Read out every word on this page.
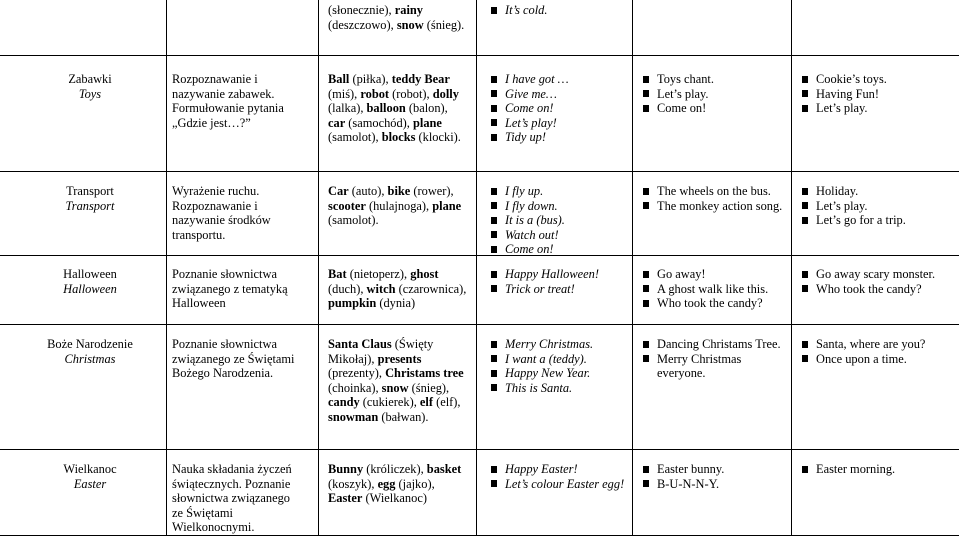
(słonecznie), rainy (deszczowo), snow (śnieg).
It’s cold.
Zabawki
Toys
Rozpoznawanie i nazywanie zabawek. Formułowanie pytania „Gdzie jest…?”
Ball (piłka), teddy Bear (miś), robot (robot), dolly (lalka), balloon (balon), car (samochód), plane (samolot), blocks (klocki).
I have got …
Give me…
Come on!
Let’s play!
Tidy up!
Toys chant.
Let’s play.
Come on!
Cookie’s toys.
Having Fun!
Let’s play.
Transport
Transport
Wyrażenie ruchu. Rozpoznawanie i nazywanie środków transportu.
Car (auto), bike (rower), scooter (hulajnoga), plane (samolot).
I fly up.
I fly down.
It is a (bus).
Watch out!
Come on!
The wheels on the bus.
The monkey action song.
Holiday.
Let’s play.
Let’s go for a trip.
Halloween
Halloween
Poznanie słownictwa związanego z tematyką Halloween
Bat (nietoperz), ghost (duch), witch (czarownica), pumpkin (dynia)
Happy Halloween!
Trick or treat!
Go away!
A ghost walk like this.
Who took the candy?
Go away scary monster.
Who took the candy?
Boże Narodzenie
Christmas
Poznanie słownictwa związanego ze Świętami Bożego Narodzenia.
Santa Claus (Święty Mikołaj), presents (prezenty), Christams tree (choinka), snow (śnieg), candy (cukierek), elf (elf), snowman (bałwan).
Merry Christmas.
I want a (teddy).
Happy New Year.
This is Santa.
Dancing Christams Tree.
Merry Christmas everyone.
Santa, where are you?
Once upon a time.
Wielkanoc
Easter
Nauka składania życzeń świątecznych. Poznanie słownictwa związanego ze Świętami Wielkonocnymi.
Bunny (króliczek), basket (koszyk), egg (jajko), Easter (Wielkanoc)
Happy Easter!
Let’s colour Easter egg!
Easter bunny.
B-U-N-N-Y.
Easter morning.
